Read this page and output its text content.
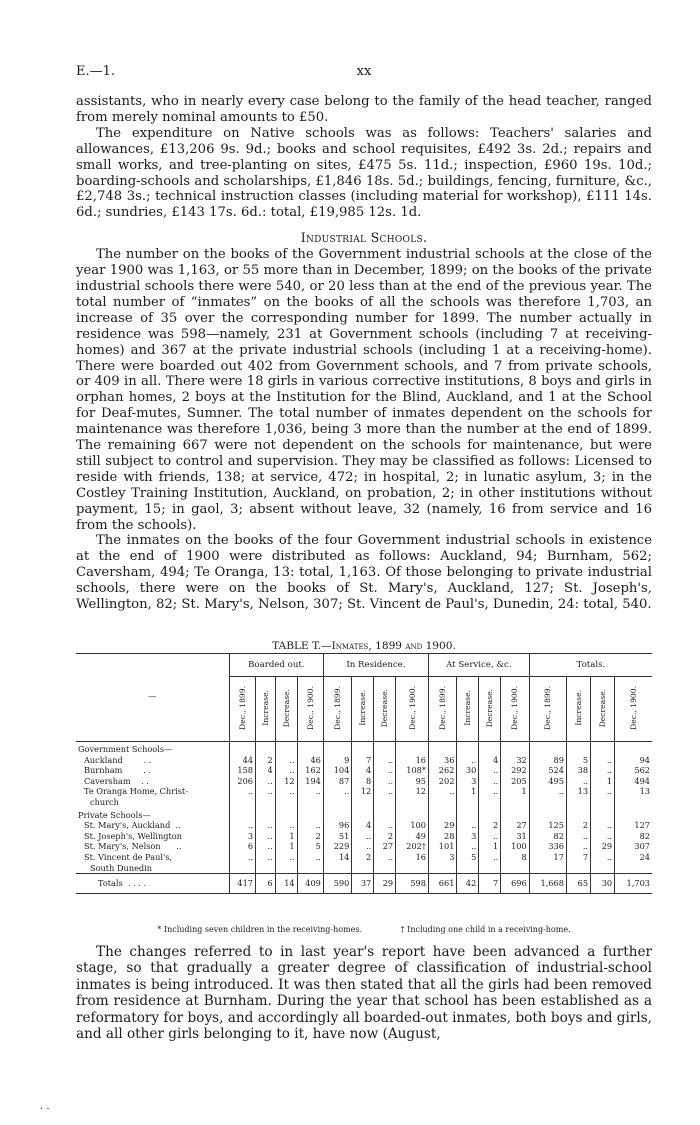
E.—1.	xx

assistants, who in nearly every case belong to the family of the head teacher, ranged from merely nominal amounts to £50.

The expenditure on Native schools was as follows: Teachers' salaries and allowances, £13,206 9s. 9d.; books and school requisites, £492 3s. 2d.; repairs and small works, and tree-planting on sites, £475 5s. 11d.; inspection, £960 19s. 10d.; boarding-schools and scholarships, £1,846 18s. 5d.; buildings, fencing, furniture, &c., £2,748 3s.; technical instruction classes (including material for workshop), £111 14s. 6d.; sundries, £143 17s. 6d.: total, £19,985 12s. 1d.

Industrial Schools.

The number on the books of the Government industrial schools at the close of the year 1900 was 1,163, or 55 more than in December, 1899; on the books of the private industrial schools there were 540, or 20 less than at the end of the previous year. The total number of “inmates” on the books of all the schools was therefore 1,703, an increase of 35 over the corresponding number for 1899. The number actually in residence was 598—namely, 231 at Government schools (including 7 at receiving-homes) and 367 at the private industrial schools (including 1 at a receiving-home). There were boarded out 402 from Government schools, and 7 from private schools, or 409 in all. There were 18 girls in various corrective institutions, 8 boys and girls in orphan homes, 2 boys at the Institution for the Blind, Auckland, and 1 at the School for Deaf-mutes, Sumner. The total number of inmates dependent on the schools for maintenance was therefore 1,036, being 3 more than the number at the end of 1899. The remaining 667 were not dependent on the schools for maintenance, but were still subject to control and supervision. They may be classified as follows: Licensed to reside with friends, 138; at service, 472; in hospital, 2; in lunatic asylum, 3; in the Costley Training Institution, Auckland, on probation, 2; in other institutions without payment, 15; in gaol, 3; absent without leave, 32 (namely, 16 from service and 16 from the schools).

The inmates on the books of the four Government industrial schools in existence at the end of 1900 were distributed as follows: Auckland, 94; Burnham, 562; Caversham, 494; Te Oranga, 13: total, 1,163. Of those belonging to private industrial schools, there were on the books of St. Mary's, Auckland, 127; St. Joseph's, Wellington, 82; St. Mary's, Nelson, 307; St. Vincent de Paul's, Dunedin, 24: total, 540.

TABLE T.—Inmates, 1899 and 1900.
—	Boarded out.				In Residence.				At Service, &c.				Totals.			
	Dec., 1899.	Increase.	Decrease.	Dec., 1900.	Dec., 1899.	Increase.	Decrease.	Dec., 1900.	Dec., 1899.	Increase.	Decrease.	Dec., 1900.	Dec., 1899.	Increase.	Decrease.	Dec., 1900.
Government Schools—																
Auckland . .	44	2	..	46	9	7	..	16	36	..	4	32	89	5	..	94
Burnham . .	158	4	..	162	104	4	..	108*	262	30	..	292	524	38	..	562
Caversham . .	206	..	12	194	87	8	..	95	202	3	..	205	495	..	1	494
Te Oranga Home, Christ-	..	..	..	..	..	12	..	12	..	1	..	1	..	13	..	13
church																
Private Schools—																
St. Mary's, Auckland ..	..	..	..	..	96	4	..	100	29	..	2	27	125	2	..	127
St. Joseph's, Wellington	3	..	1	2	51	..	2	49	28	3	..	31	82	..	..	82
St. Mary's, Nelson ..	6	..	1	5	229	..	27	202†	101	..	1	100	336	..	29	307
St. Vincent de Paul's,	..	..	..	..	14	2	..	16	3	5	..	8	17	7	..	24
South Dunedin																
Totals . . . .	417	6	14	409	590	37	29	598	661	42	7	696	1,668	65	30	1,703
* Including seven children in the receiving-homes.	† Including one child in a receiving-home.

The changes referred to in last year's report have been advanced a further stage, so that gradually a greater degree of classification of industrial-school inmates is being introduced. It was then stated that all the girls had been removed from residence at Burnham. During the year that school has been established as a reformatory for boys, and accordingly all boarded-out inmates, both boys and girls, and all other girls belonging to it, have now (August,

. .
